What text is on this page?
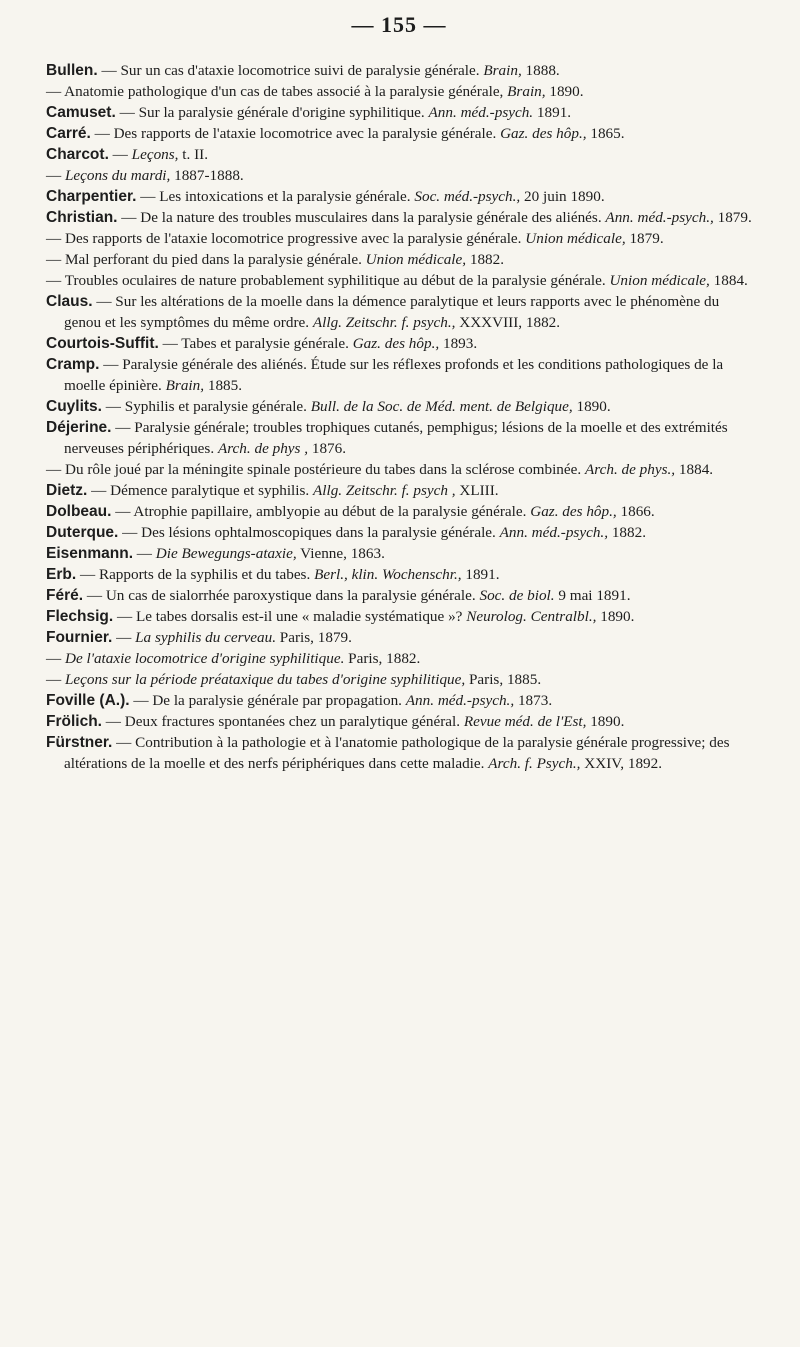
— 155 —

Bullen. — Sur un cas d'ataxie locomotrice suivi de paralysie générale. Brain, 1888.

— Anatomie pathologique d'un cas de tabes associé à la paralysie générale, Brain, 1890.

Camuset. — Sur la paralysie générale d'origine syphilitique. Ann. méd.-psych. 1891.

Carré. — Des rapports de l'ataxie locomotrice avec la paralysie générale. Gaz. des hôp., 1865.

Charcot. — Leçons, t. II.

— Leçons du mardi, 1887-1888.

Charpentier. — Les intoxications et la paralysie générale. Soc. méd.-psych., 20 juin 1890.

Christian. — De la nature des troubles musculaires dans la paralysie générale des aliénés. Ann. méd.-psych., 1879.

— Des rapports de l'ataxie locomotrice progressive avec la paralysie générale. Union médicale, 1879.

— Mal perforant du pied dans la paralysie générale. Union médicale, 1882.

— Troubles oculaires de nature probablement syphilitique au début de la paralysie générale. Union médicale, 1884.

Claus. — Sur les altérations de la moelle dans la démence paralytique et leurs rapports avec le phénomène du genou et les symptômes du même ordre. Allg. Zeitschr. f. psych., XXXVIII, 1882.

Courtois-Suffit. — Tabes et paralysie générale. Gaz. des hôp., 1893.

Cramp. — Paralysie générale des aliénés. Étude sur les réflexes profonds et les conditions pathologiques de la moelle épinière. Brain, 1885.

Cuylits. — Syphilis et paralysie générale. Bull. de la Soc. de Méd. ment. de Belgique, 1890.

Déjerine. — Paralysie générale; troubles trophiques cutanés, pemphigus; lésions de la moelle et des extrémités nerveuses périphériques. Arch. de phys , 1876.

— Du rôle joué par la méningite spinale postérieure du tabes dans la sclérose combinée. Arch. de phys., 1884.

Dietz. — Démence paralytique et syphilis. Allg. Zeitschr. f. psych , XLIII.

Dolbeau. — Atrophie papillaire, amblyopie au début de la paralysie générale. Gaz. des hôp., 1866.

Duterque. — Des lésions ophtalmoscopiques dans la paralysie générale. Ann. méd.-psych., 1882.

Eisenmann. — Die Bewegungs-ataxie, Vienne, 1863.

Erb. — Rapports de la syphilis et du tabes. Berl., klin. Wochenschr., 1891.

Féré. — Un cas de sialorrhée paroxystique dans la paralysie générale. Soc. de biol. 9 mai 1891.

Flechsig. — Le tabes dorsalis est-il une « maladie systématique »? Neurolog. Centralbl., 1890.

Fournier. — La syphilis du cerveau. Paris, 1879.

— De l'ataxie locomotrice d'origine syphilitique. Paris, 1882.

— Leçons sur la période préataxique du tabes d'origine syphilitique, Paris, 1885.

Foville (A.). — De la paralysie générale par propagation. Ann. méd.-psych., 1873.

Frölich. — Deux fractures spontanées chez un paralytique général. Revue méd. de l'Est, 1890.

Fürstner. — Contribution à la pathologie et à l'anatomie pathologique de la paralysie générale progressive; des altérations de la moelle et des nerfs périphériques dans cette maladie. Arch. f. Psych., XXIV, 1892.
